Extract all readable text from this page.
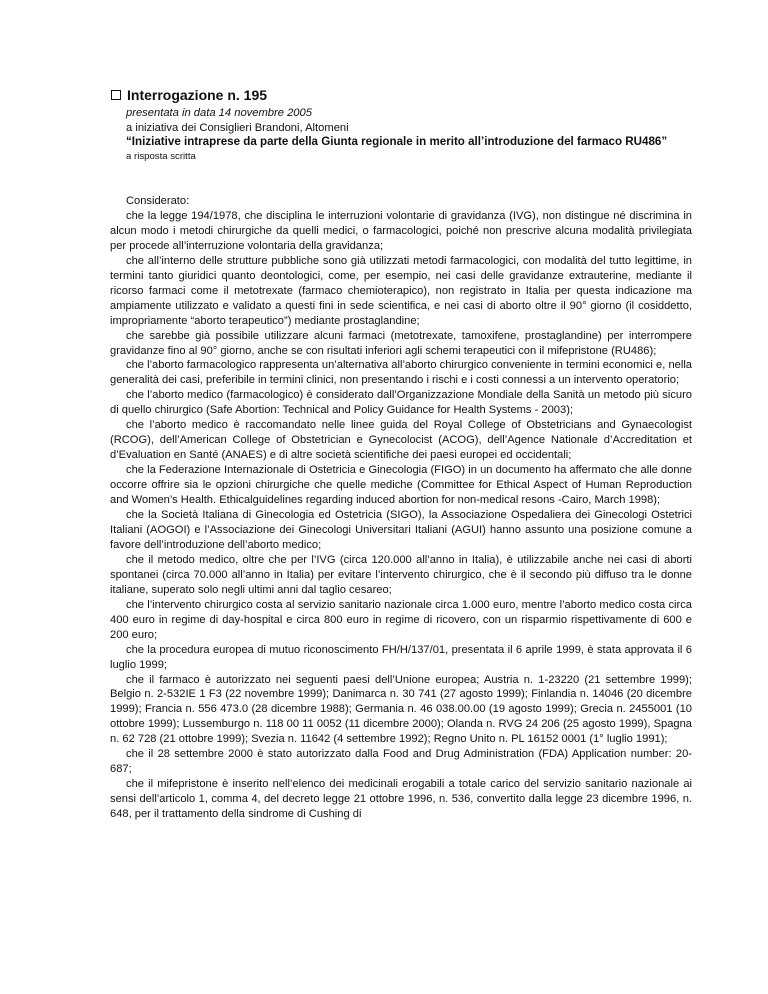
Interrogazione n. 195
presentata in data 14 novembre 2005
a iniziativa dei Consiglieri Brandoni, Altomeni
“Iniziative intraprese da parte della Giunta regionale in merito all’introduzione del farmaco RU486”
a risposta scritta

Considerato:

che la legge 194/1978, che disciplina le interruzioni volontarie di gravidanza (IVG), non distingue né discrimina in alcun modo i metodi chirurgiche da quelli medici, o farmacologici, poiché non prescrive alcuna modalità privilegiata per procede all’interruzione volontaria della gravidanza;

che all’interno delle strutture pubbliche sono già utilizzati metodi farmacologici, con modalità del tutto legittime, in termini tanto giuridici quanto deontologici, come, per esempio, nei casi delle gravidanze extrauterine, mediante il ricorso farmaci come il metotrexate (farmaco chemioterapico), non registrato in Italia per questa indicazione ma ampiamente utilizzato e validato a questi fini in sede scientifica, e nei casi di aborto oltre il 90° giorno (il cosiddetto, impropriamente “aborto terapeutico”) mediante prostaglandine;

che sarebbe già possibile utilizzare alcuni farmaci (metotrexate, tamoxifene, prostaglandine) per interrompere gravidanze fino al 90° giorno, anche se con risultati inferiori agli schemi terapeutici con il mifepristone (RU486);

che l’aborto farmacologico rappresenta un’alternativa all’aborto chirurgico conveniente in termini economici e, nella generalità dei casi, preferibile in termini clinici, non presentando i rischi e i costi connessi a un intervento operatorio;

che l’aborto medico (farmacologico) è considerato dall’Organizzazione Mondiale della Sanità un metodo più sicuro di quello chirurgico (Safe Abortion: Technical and Policy Guidance for Health Systems - 2003);

che l’aborto medico è raccomandato nelle linee guida del Royal College of Obstetricians and Gynaecologist (RCOG), dell’American College of Obstetrician e Gynecolocist (ACOG), dell’Agence Nationale d’Accreditation et d’Evaluation en Santé (ANAES) e di altre società scientifiche dei paesi europei ed occidentali;

che la Federazione Internazionale di Ostetricia e Ginecologia (FIGO) in un documento ha affermato che alle donne occorre offrire sia le opzioni chirurgiche che quelle mediche (Committee for Ethical Aspect of Human Reproduction and Women’s Health. Ethicalguidelines regarding induced abortion for non-medical resons -Cairo, March 1998);

che la Società Italiana di Ginecologia ed Ostetricia (SIGO), la Associazione Ospedaliera dei Ginecologi Ostetrici Italiani (AOGOI) e l’Associazione dei Ginecologi Universitari Italiani (AGUI) hanno assunto una posizione comune a favore dell’introduzione dell’aborto medico;

che il metodo medico, oltre che per l’IVG (circa 120.000 all’anno in Italia), è utilizzabile anche nei casi di aborti spontanei (circa 70.000 all’anno in Italia) per evitare l’intervento chirurgico, che è il secondo più diffuso tra le donne italiane, superato solo negli ultimi anni dal taglio cesareo;

che l’intervento chirurgico costa al servizio sanitario nazionale circa 1.000 euro, mentre l’aborto medico costa circa 400 euro in regime di day-hospital e circa 800 euro in regime di ricovero, con un risparmio rispettivamente di 600 e 200 euro;

che la procedura europea di mutuo riconoscimento FH/H/137/01, presentata il 6 aprile 1999, è stata approvata il 6 luglio 1999;

che il farmaco è autorizzato nei seguenti paesi dell’Unione europea; Austria n. 1-23220 (21 settembre 1999); Belgio n. 2-532IE 1 F3 (22 novembre 1999); Danimarca n. 30 741 (27 agosto 1999); Finlandia n. 14046 (20 dicembre 1999); Francia n. 556 473.0 (28 dicembre 1988); Germania n. 46 038.00.00 (19 agosto 1999); Grecia n. 2455001 (10 ottobre 1999); Lussemburgo n. 118 00 11 0052 (11 dicembre 2000); Olanda n. RVG 24 206 (25 agosto 1999), Spagna n. 62 728 (21 ottobre 1999); Svezia n. 11642 (4 settembre 1992); Regno Unito n. PL 16152 0001 (1° luglio 1991);

che il 28 settembre 2000 è stato autorizzato dalla Food and Drug Administration (FDA) Application number: 20-687;

che il mifepristone è inserito nell’elenco dei medicinali erogabili a totale carico del servizio sanitario nazionale ai sensi dell’articolo 1, comma 4, del decreto legge 21 ottobre 1996, n. 536, convertito dalla legge 23 dicembre 1996, n. 648, per il trattamento della sindrome di Cushing di
